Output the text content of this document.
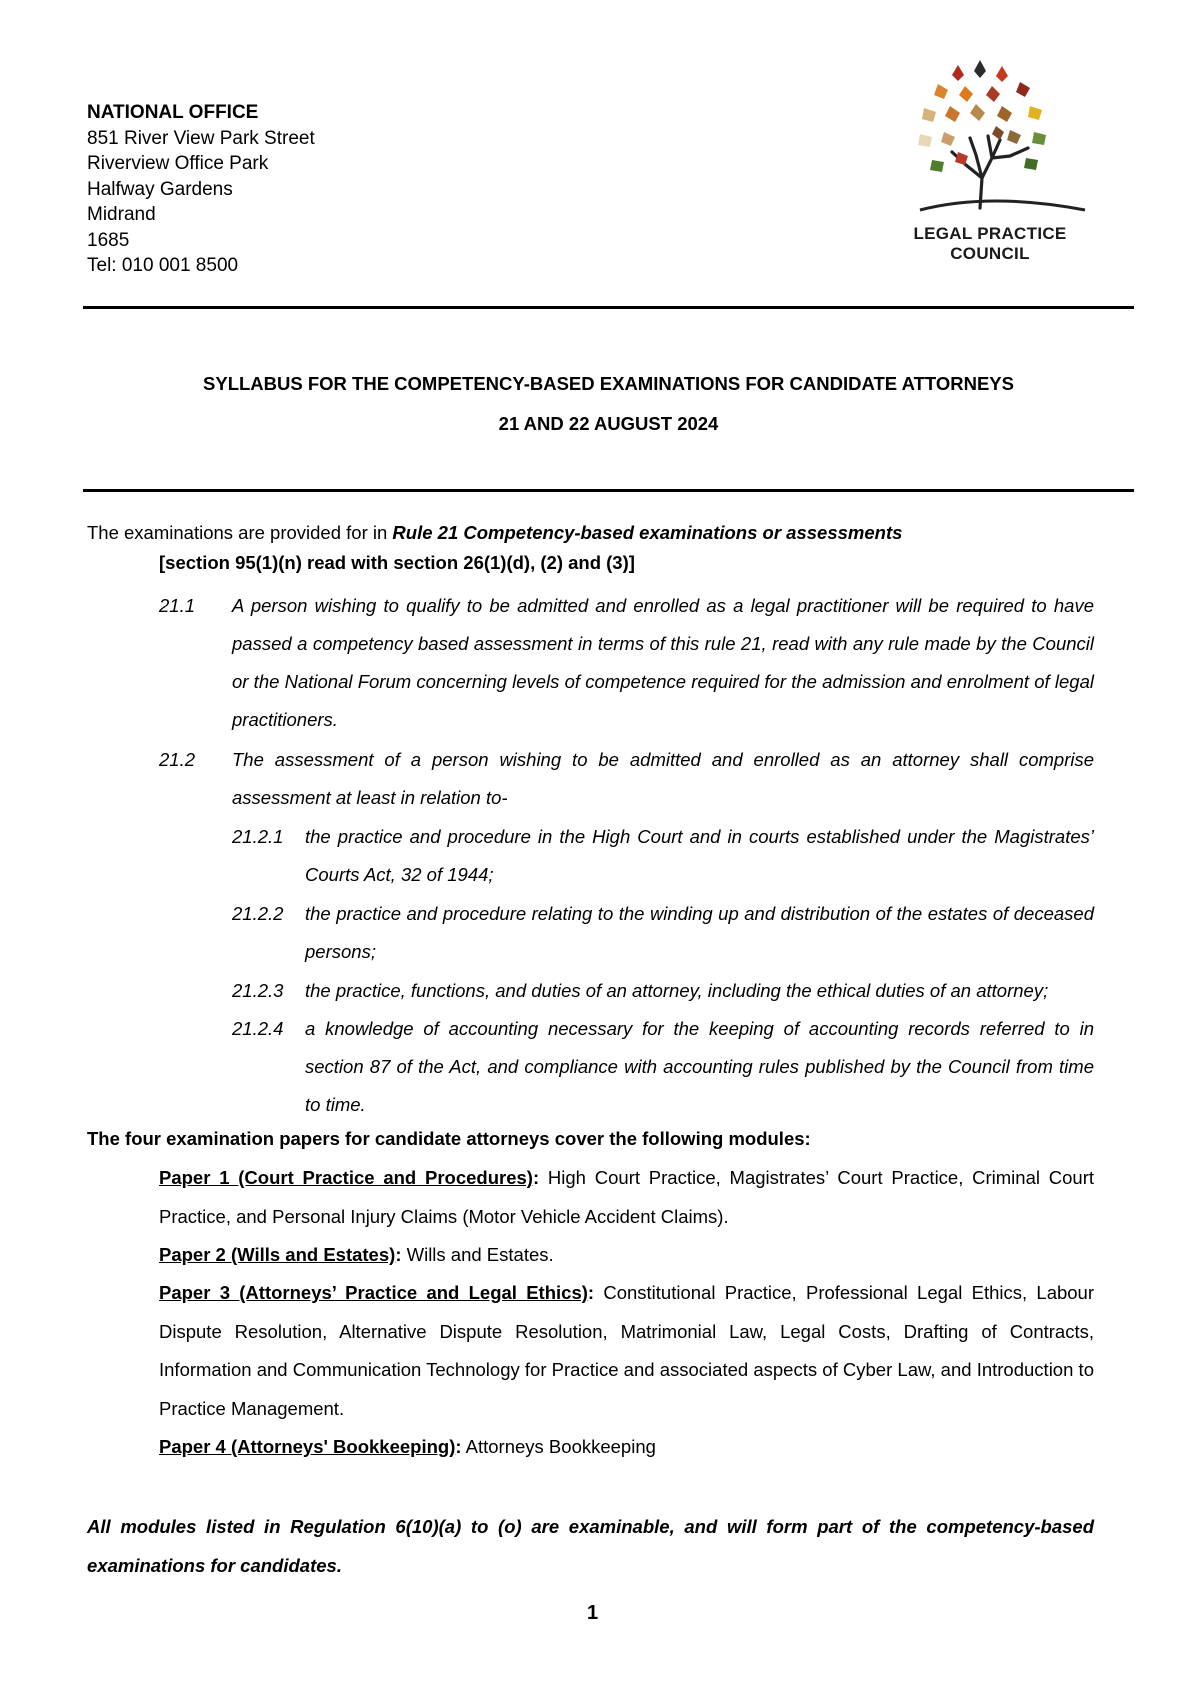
NATIONAL OFFICE
851 River View Park Street
Riverview Office Park
Halfway Gardens
Midrand
1685
Tel: 010 001 8500
LEGAL PRACTICE
COUNCIL
SYLLABUS FOR THE COMPETENCY-BASED EXAMINATIONS FOR CANDIDATE ATTORNEYS
21 AND 22 AUGUST 2024
The examinations are provided for in Rule 21 Competency-based examinations or assessments
[section 95(1)(n) read with section 26(1)(d), (2) and (3)]
21.1 A person wishing to qualify to be admitted and enrolled as a legal practitioner will be required to have passed a competency based assessment in terms of this rule 21, read with any rule made by the Council or the National Forum concerning levels of competence required for the admission and enrolment of legal practitioners.
21.2 The assessment of a person wishing to be admitted and enrolled as an attorney shall comprise assessment at least in relation to-
21.2.1 the practice and procedure in the High Court and in courts established under the Magistrates’ Courts Act, 32 of 1944;
21.2.2 the practice and procedure relating to the winding up and distribution of the estates of deceased persons;
21.2.3 the practice, functions, and duties of an attorney, including the ethical duties of an attorney;
21.2.4 a knowledge of accounting necessary for the keeping of accounting records referred to in section 87 of the Act, and compliance with accounting rules published by the Council from time to time.
The four examination papers for candidate attorneys cover the following modules:
Paper 1 (Court Practice and Procedures): High Court Practice, Magistrates’ Court Practice, Criminal Court Practice, and Personal Injury Claims (Motor Vehicle Accident Claims).
Paper 2 (Wills and Estates): Wills and Estates.
Paper 3 (Attorneys’ Practice and Legal Ethics): Constitutional Practice, Professional Legal Ethics, Labour Dispute Resolution, Alternative Dispute Resolution, Matrimonial Law, Legal Costs, Drafting of Contracts, Information and Communication Technology for Practice and associated aspects of Cyber Law, and Introduction to Practice Management.
Paper 4 (Attorneys' Bookkeeping): Attorneys Bookkeeping
All modules listed in Regulation 6(10)(a) to (o) are examinable, and will form part of the competency-based examinations for candidates.
1
